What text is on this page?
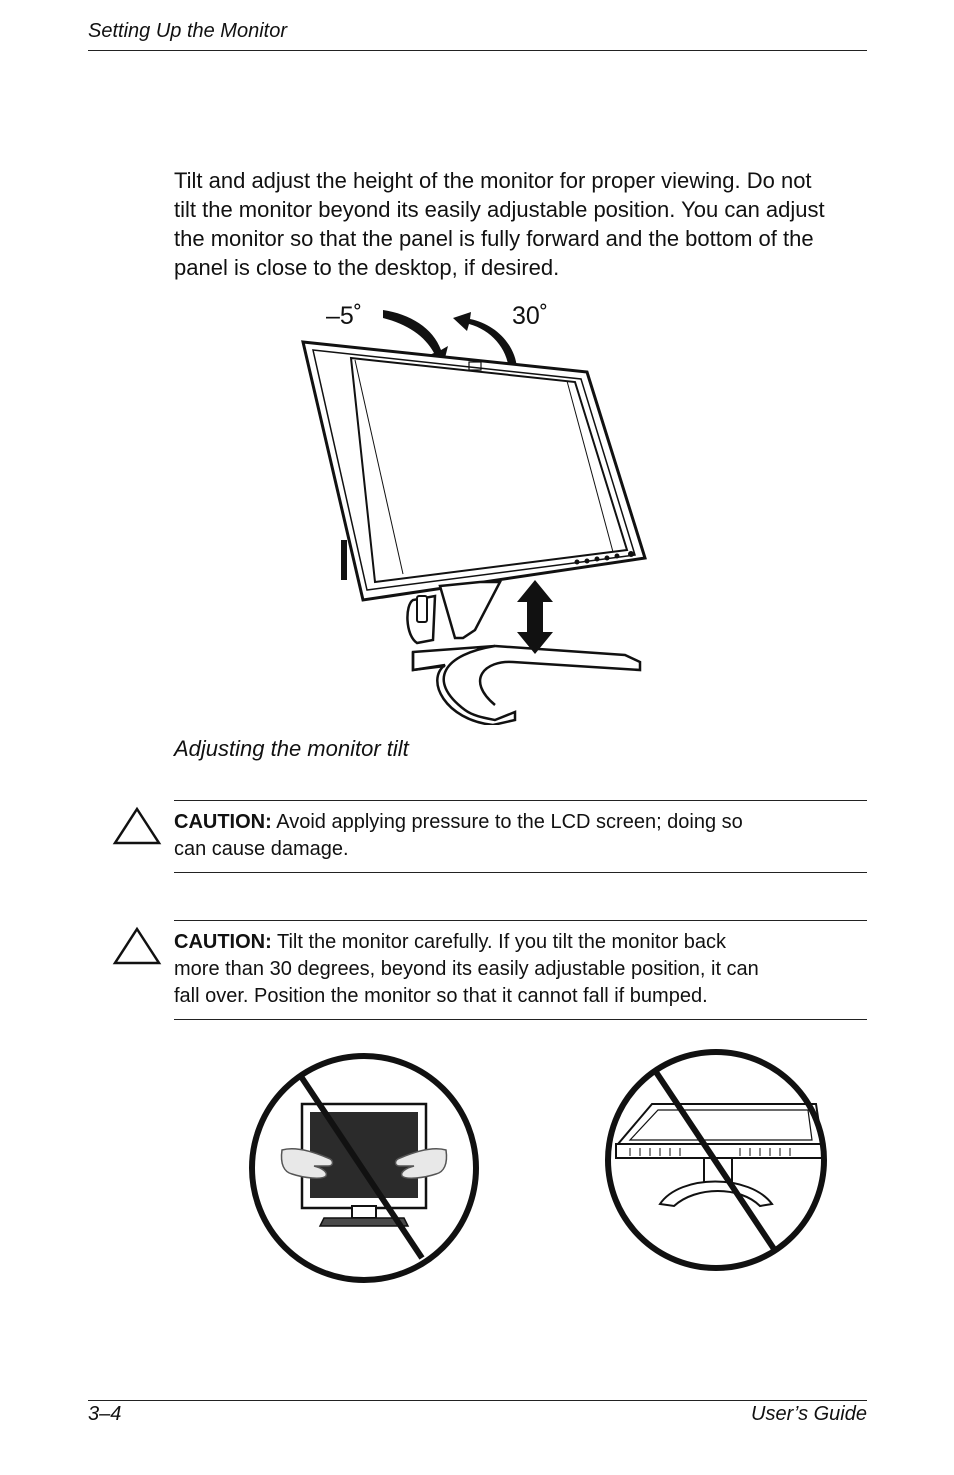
Setting Up the Monitor
Tilt and adjust the height of the monitor for proper viewing. Do not
tilt the monitor beyond its easily adjustable position. You can adjust
the monitor so that the panel is fully forward and the bottom of the
panel is close to the desktop, if desired.
–5˚	30˚
Adjusting the monitor tilt
CAUTION: Avoid applying pressure to the LCD screen; doing so
can cause damage.
CAUTION: Tilt the monitor carefully. If you tilt the monitor back
more than 30 degrees, beyond its easily adjustable position, it can
fall over. Position the monitor so that it cannot fall if bumped.
3–4	User’s Guide
